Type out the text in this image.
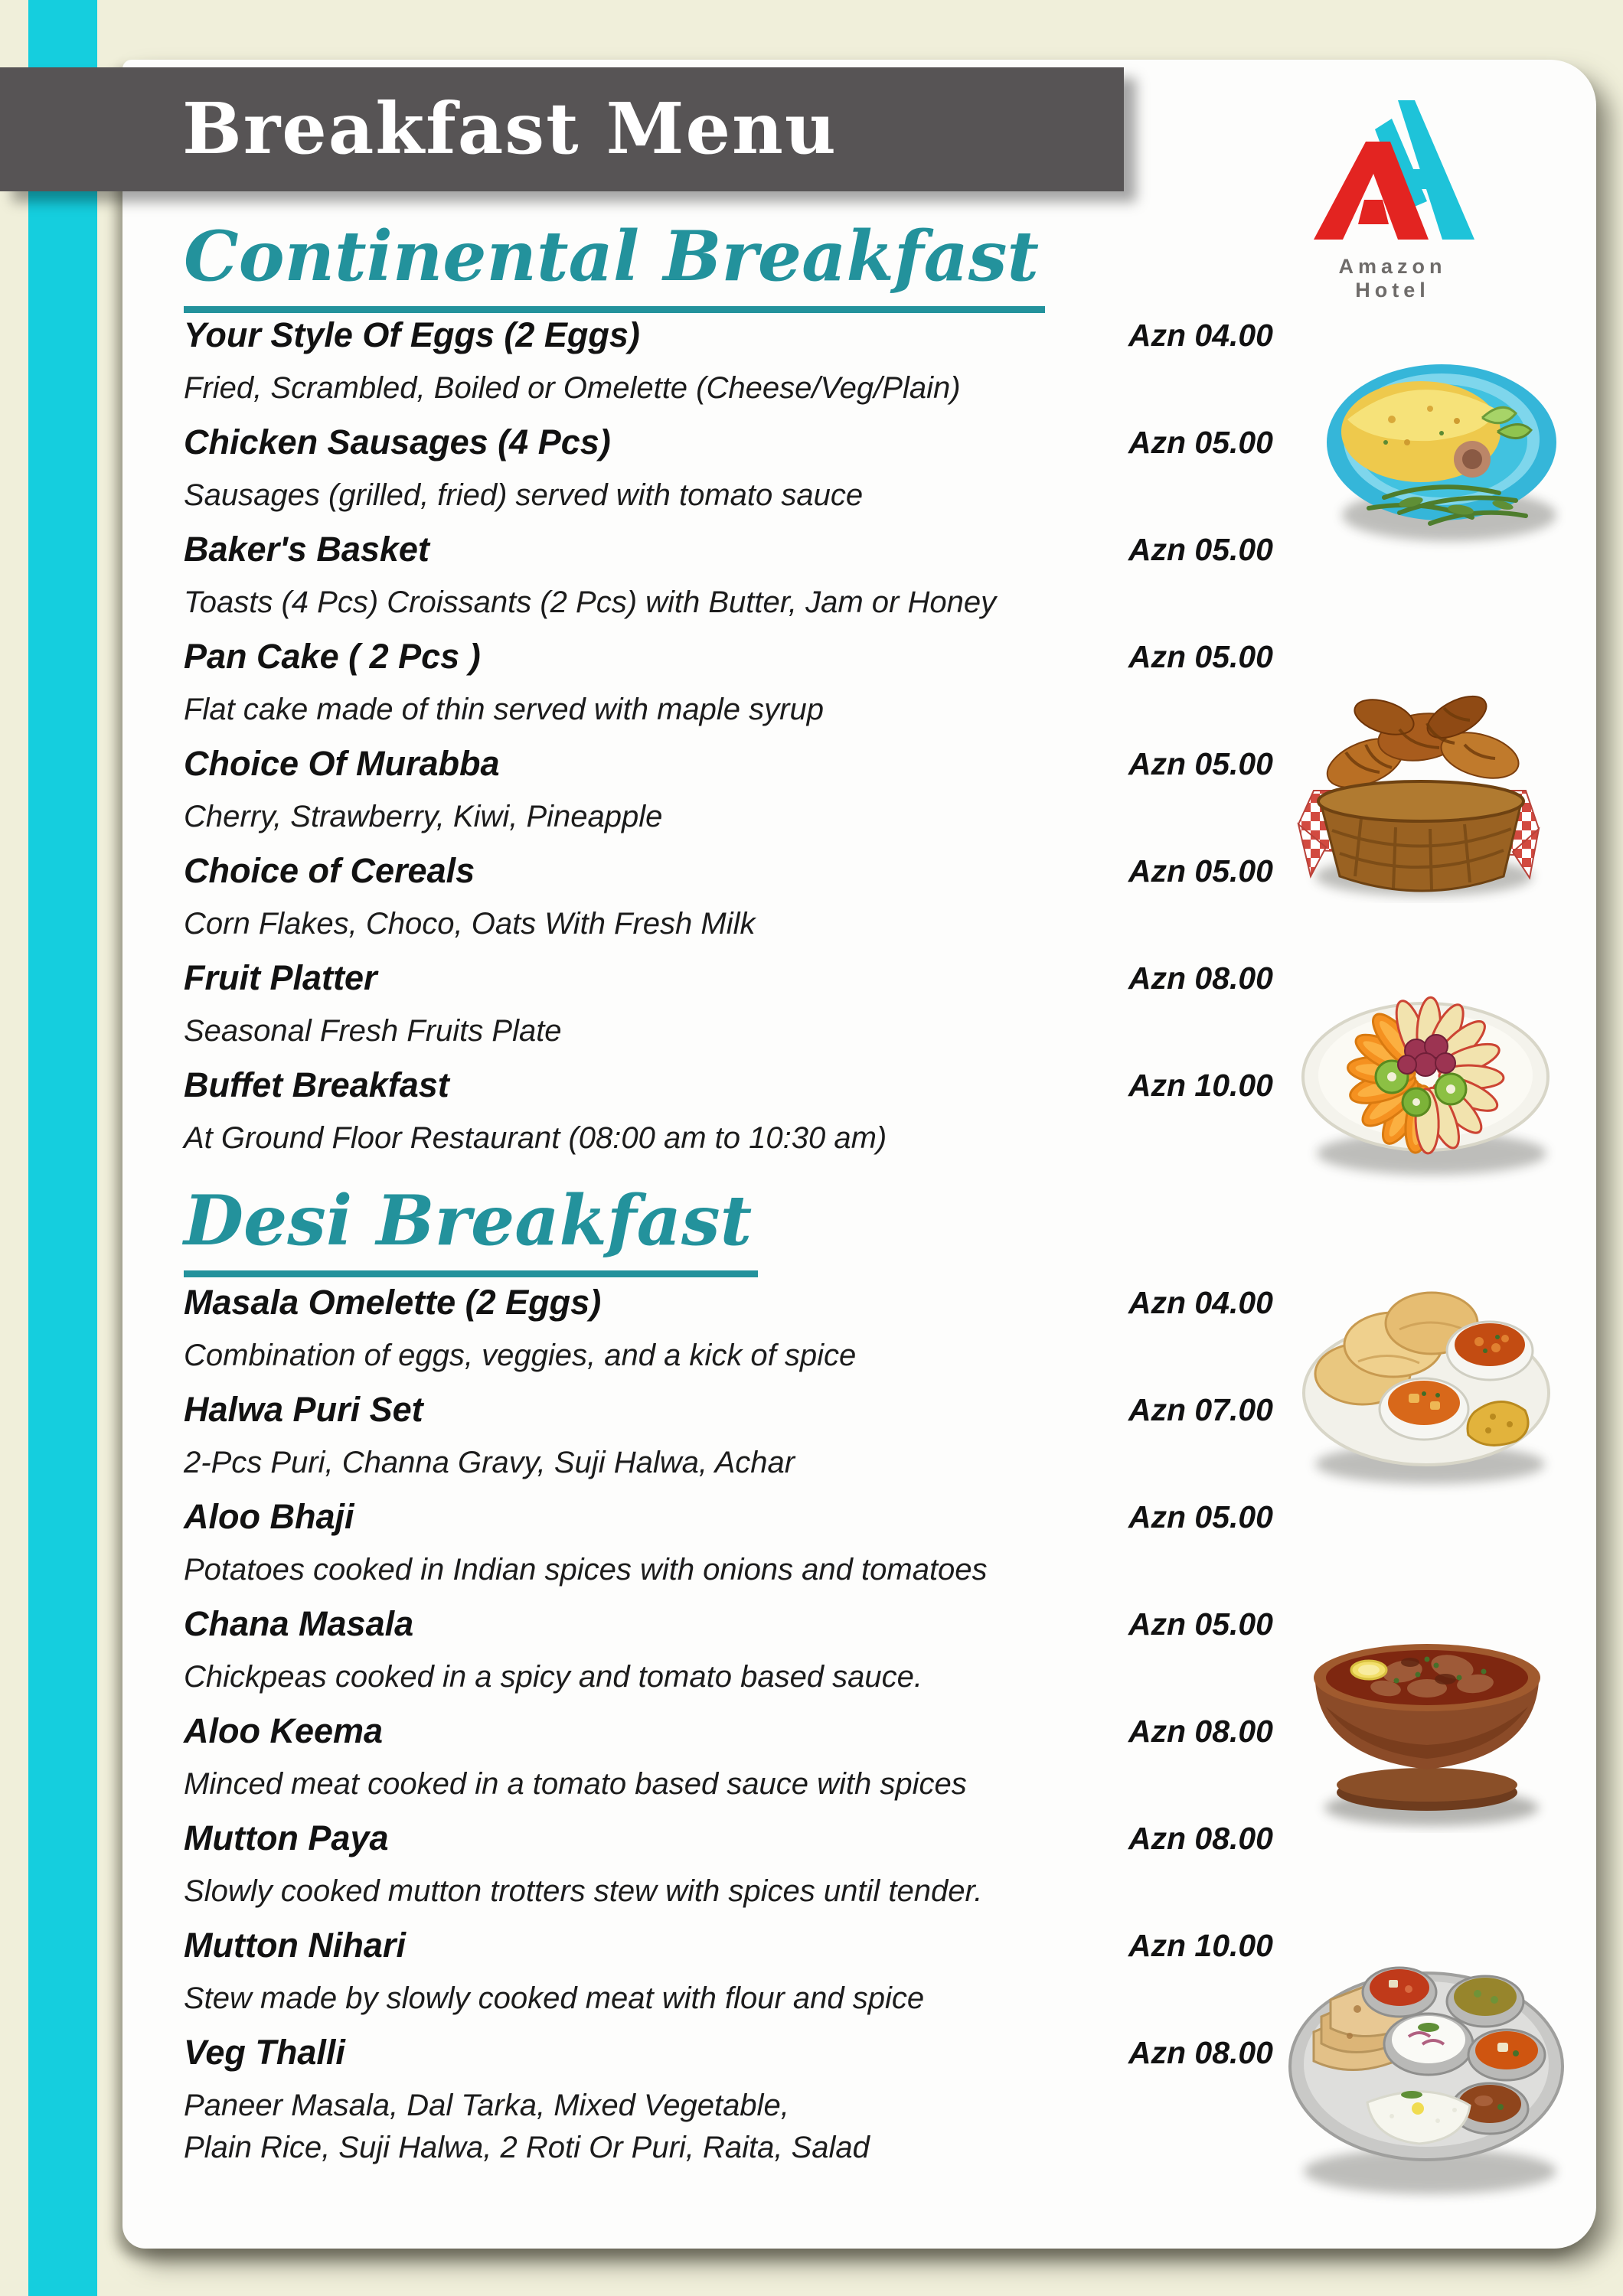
Breakfast Menu
Amazon Hotel
Continental Breakfast
Desi Breakfast
Your Style Of Eggs (2 Eggs)
Fried, Scrambled, Boiled or Omelette (Cheese/Veg/Plain)
Azn 04.00
Chicken Sausages (4 Pcs)
Sausages (grilled, fried) served with tomato sauce
Azn 05.00
Baker's Basket
Toasts (4 Pcs) Croissants (2 Pcs) with Butter, Jam or Honey
Azn 05.00
Pan Cake ( 2 Pcs )
Flat cake made of thin served with maple syrup
Azn 05.00
Choice Of Murabba
Cherry, Strawberry, Kiwi, Pineapple
Azn 05.00
Choice of Cereals
Corn Flakes, Choco, Oats With Fresh Milk
Azn 05.00
Fruit Platter
Seasonal Fresh Fruits Plate
Azn 08.00
Buffet Breakfast
At Ground Floor Restaurant (08:00 am to 10:30 am)
Azn 10.00
Masala Omelette (2 Eggs)
Combination of eggs, veggies, and a kick of spice
Azn 04.00
Halwa Puri Set
2-Pcs Puri, Channa Gravy, Suji Halwa, Achar
Azn 07.00
Aloo Bhaji
Potatoes cooked in Indian spices with onions and tomatoes
Azn 05.00
Chana Masala
Chickpeas cooked in a spicy and tomato based sauce.
Azn 05.00
Aloo Keema
Minced meat cooked in a tomato based sauce with spices
Azn 08.00
Mutton Paya
Slowly cooked mutton trotters stew with spices until tender.
Azn 08.00
Mutton Nihari
Stew made by slowly cooked meat with flour and spice
Azn 10.00
Veg Thalli
Paneer Masala, Dal Tarka, Mixed Vegetable,
Plain Rice, Suji Halwa, 2 Roti Or Puri, Raita, Salad
Azn 08.00
